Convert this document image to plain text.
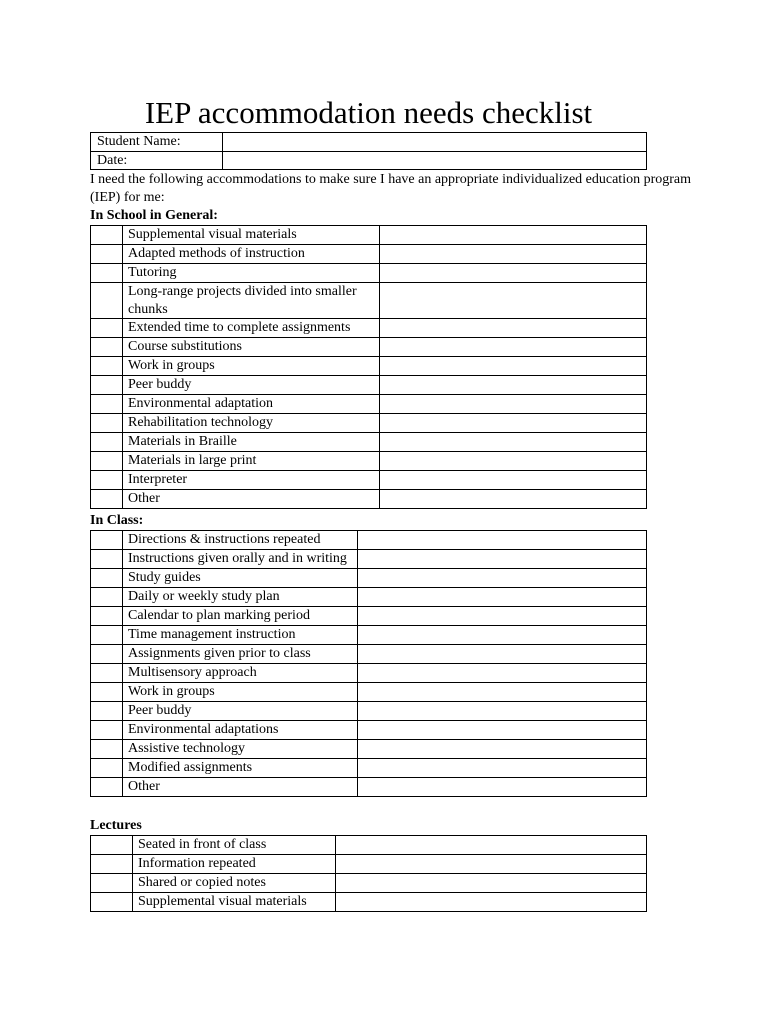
IEP accommodation needs checklist
Student Name:	
Date:	
I need the following accommodations to make sure I have an appropriate individualized education program (IEP) for me:
In School in General:
	Supplemental visual materials	
	Adapted methods of instruction	
	Tutoring	
	Long-range projects divided into smaller chunks	
	Extended time to complete assignments	
	Course substitutions	
	Work in groups	
	Peer buddy	
	Environmental adaptation	
	Rehabilitation technology	
	Materials in Braille	
	Materials in large print	
	Interpreter	
	Other	
In Class:
	Directions & instructions repeated	
	Instructions given orally and in writing	
	Study guides	
	Daily or weekly study plan	
	Calendar to plan marking period	
	Time management instruction	
	Assignments given prior to class	
	Multisensory approach	
	Work in groups	
	Peer buddy	
	Environmental adaptations	
	Assistive technology	
	Modified assignments	
	Other	
Lectures
	Seated in front of class	
	Information repeated	
	Shared or copied notes	
	Supplemental visual materials	
